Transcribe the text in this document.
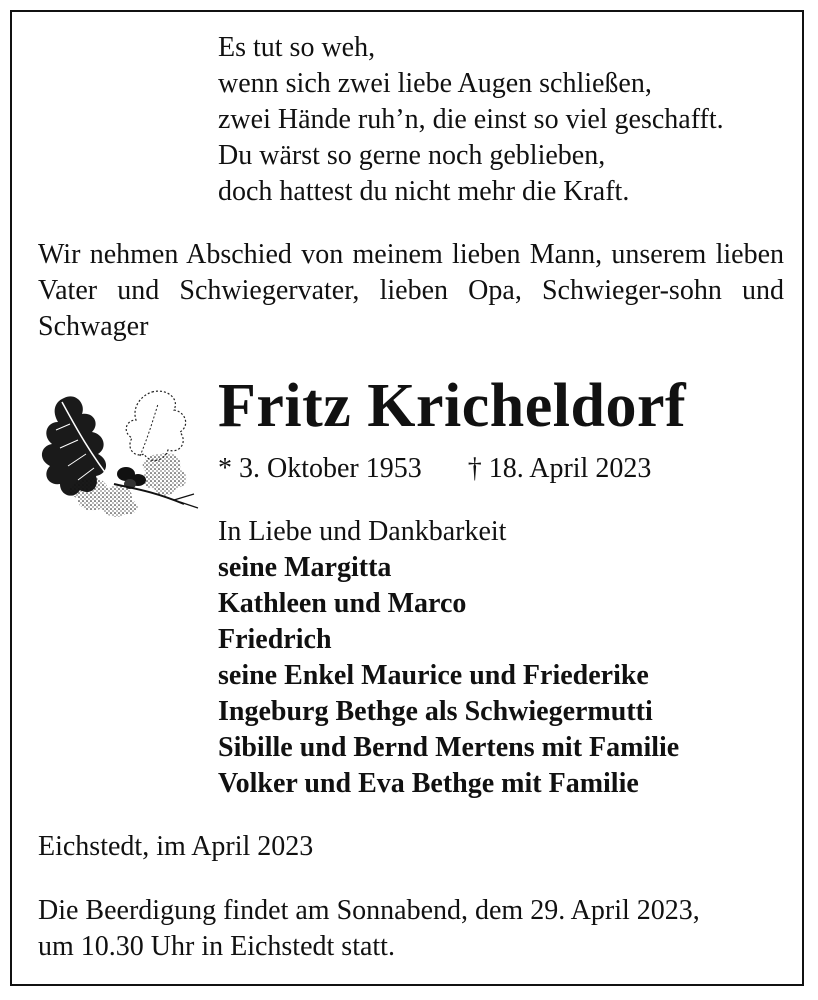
Es tut so weh,
wenn sich zwei liebe Augen schließen,
zwei Hände ruh’n, die einst so viel geschafft.
Du wärst so gerne noch geblieben,
doch hattest du nicht mehr die Kraft.
Wir nehmen Abschied von meinem lieben Mann, unserem lieben Vater und Schwiegervater, lieben Opa, Schwieger-sohn und Schwager
Fritz Kricheldorf
* 3. Oktober 1953 † 18. April 2023
In Liebe und Dankbarkeit
seine Margitta
Kathleen und Marco
Friedrich
seine Enkel Maurice und Friederike
Ingeburg Bethge als Schwiegermutti
Sibille und Bernd Mertens mit Familie
Volker und Eva Bethge mit Familie
Eichstedt, im April 2023
Die Beerdigung findet am Sonnabend, dem 29. April 2023,
um 10.30 Uhr in Eichstedt statt.
